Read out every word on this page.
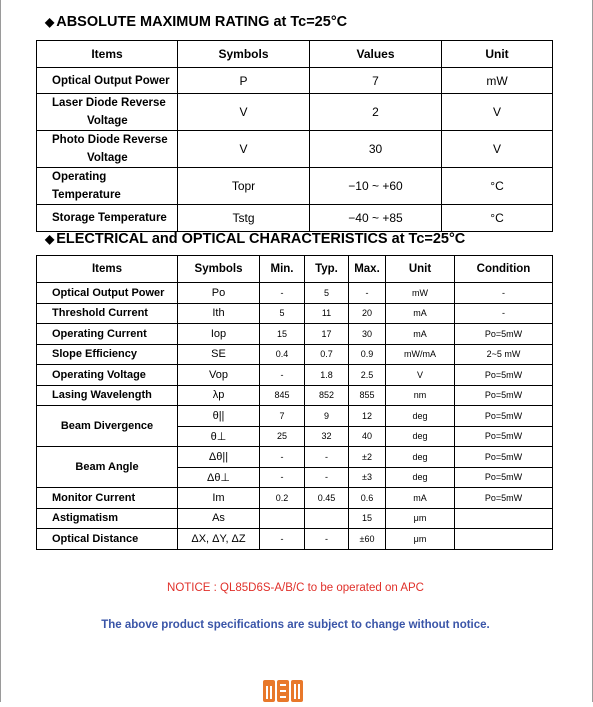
◆ ABSOLUTE MAXIMUM RATING at Tc=25°C
Items	Symbols	Values	Unit
Optical Output Power	P	7	mW
Laser Diode Reverse
Voltage	V	2	V
Photo Diode Reverse
Voltage	V	30	V
Operating Temperature	Topr	−10 ~ +60	°C
Storage Temperature	Tstg	−40 ~ +85	°C
◆ ELECTRICAL and OPTICAL CHARACTERISTICS at Tc=25°C
Items	Symbols	Min.	Typ.	Max.	Unit	Condition
Optical Output Power	Po	-	5	-	mW	-
Threshold Current	Ith	5	11	20	mA	-
Operating Current	Iop	15	17	30	mA	Po=5mW
Slope Efficiency	SE	0.4	0.7	0.9	mW/mA	2~5 mW
Operating Voltage	Vop	-	1.8	2.5	V	Po=5mW
Lasing Wavelength	λp	845	852	855	nm	Po=5mW
Beam Divergence	θ||	7	9	12	deg	Po=5mW
	θ⊥	25	32	40	deg	Po=5mW
Beam Angle	Δθ||	-	-	±2	deg	Po=5mW
	Δθ⊥	-	-	±3	deg	Po=5mW
Monitor Current	Im	0.2	0.45	0.6	mA	Po=5mW
Astigmatism	As			15	μm	
Optical Distance	ΔX, ΔY, ΔZ	-	-	±60	μm	
NOTICE : QL85D6S-A/B/C to be operated on APC
The above product specifications are subject to change without notice.
